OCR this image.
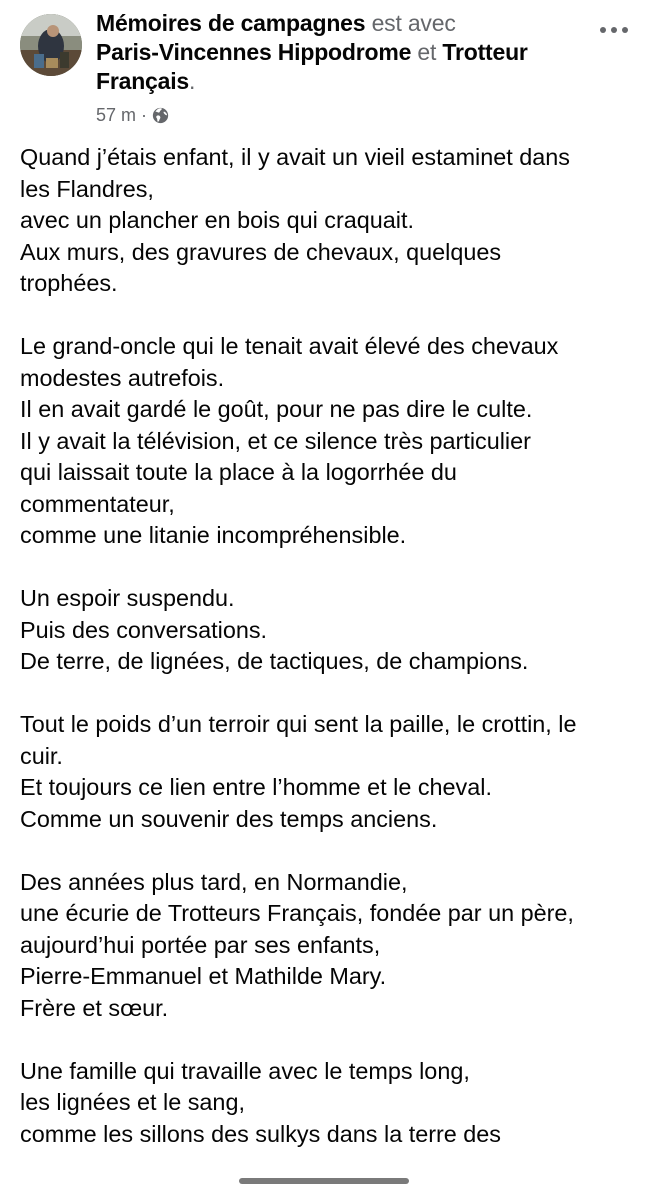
Mémoires de campagnes est avec
Paris-Vincennes Hippodrome et Trotteur Français.
57 m ·
Quand j’étais enfant, il y avait un vieil estaminet dans
les Flandres,
avec un plancher en bois qui craquait.
Aux murs, des gravures de chevaux, quelques
trophées.
Le grand-oncle qui le tenait avait élevé des chevaux
modestes autrefois.
Il en avait gardé le goût, pour ne pas dire le culte.
Il y avait la télévision, et ce silence très particulier
qui laissait toute la place à la logorrhée du
commentateur,
comme une litanie incompréhensible.
Un espoir suspendu.
Puis des conversations.
De terre, de lignées, de tactiques, de champions.
Tout le poids d’un terroir qui sent la paille, le crottin, le
cuir.
Et toujours ce lien entre l’homme et le cheval.
Comme un souvenir des temps anciens.
Des années plus tard, en Normandie,
une écurie de Trotteurs Français, fondée par un père,
aujourd’hui portée par ses enfants,
Pierre-Emmanuel et Mathilde Mary.
Frère et sœur.
Une famille qui travaille avec le temps long,
les lignées et le sang,
comme les sillons des sulkys dans la terre des
